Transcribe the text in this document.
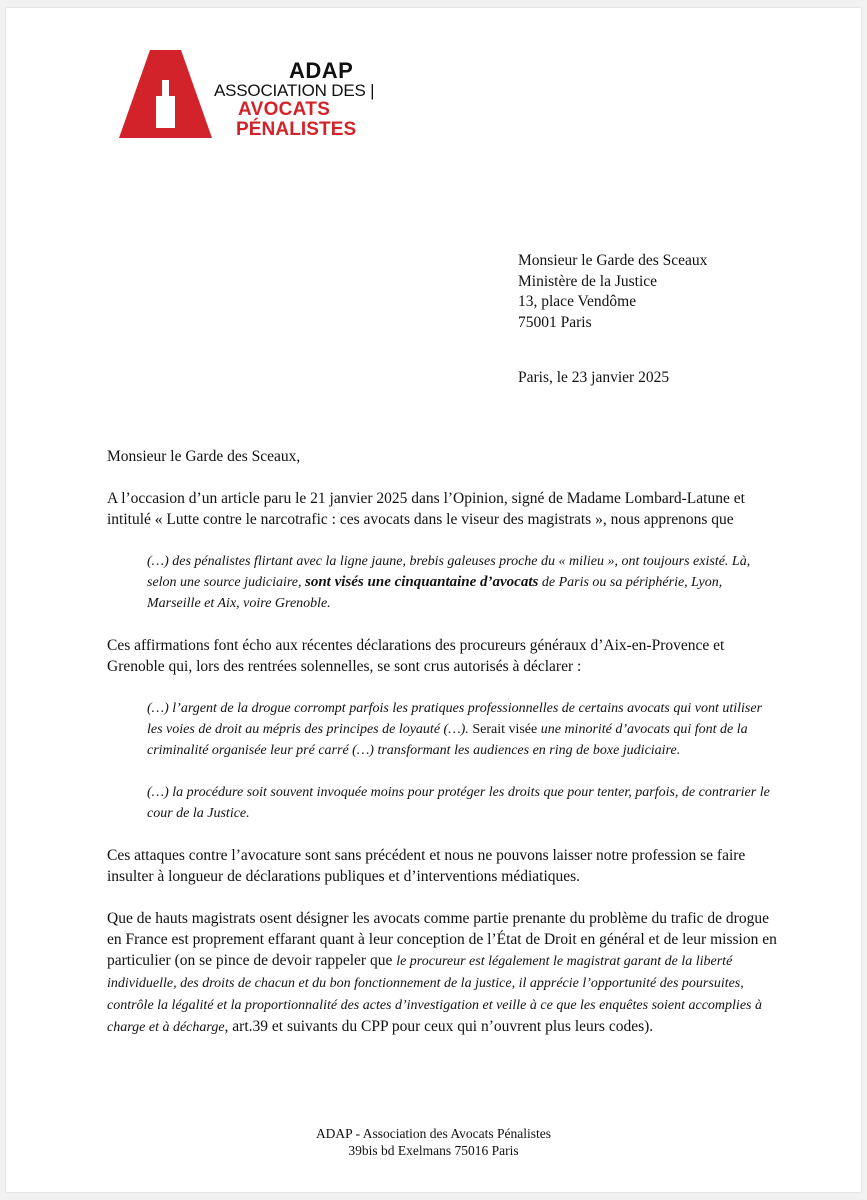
ADAP
ASSOCIATION DES |
AVOCATS
PÉNALISTES
Monsieur le Garde des Sceaux
Ministère de la Justice
13, place Vendôme
75001 Paris
Paris, le 23 janvier 2025
Monsieur le Garde des Sceaux,

A l’occasion d’un article paru le 21 janvier 2025 dans l’Opinion, signé de Madame Lombard-Latune et intitulé « Lutte contre le narcotrafic : ces avocats dans le viseur des magistrats », nous apprenons que

(…) des pénalistes flirtant avec la ligne jaune, brebis galeuses proche du « milieu », ont toujours existé. Là, selon une source judiciaire, sont visés une cinquantaine d’avocats de Paris ou sa périphérie, Lyon, Marseille et Aix, voire Grenoble.

Ces affirmations font écho aux récentes déclarations des procureurs généraux d’Aix-en-Provence et Grenoble qui, lors des rentrées solennelles, se sont crus autorisés à déclarer :

(…) l’argent de la drogue corrompt parfois les pratiques professionnelles de certains avocats qui vont utiliser les voies de droit au mépris des principes de loyauté (…). Serait visée une minorité d’avocats qui font de la criminalité organisée leur pré carré (…) transformant les audiences en ring de boxe judiciaire.
(…) la procédure soit souvent invoquée moins pour protéger les droits que pour tenter, parfois, de contrarier le cour de la Justice.

Ces attaques contre l’avocature sont sans précédent et nous ne pouvons laisser notre profession se faire insulter à longueur de déclarations publiques et d’interventions médiatiques.

Que de hauts magistrats osent désigner les avocats comme partie prenante du problème du trafic de drogue en France est proprement effarant quant à leur conception de l’État de Droit en général et de leur mission en particulier (on se pince de devoir rappeler que le procureur est légalement le magistrat garant de la liberté individuelle, des droits de chacun et du bon fonctionnement de la justice, il apprécie l’opportunité des poursuites, contrôle la légalité et la proportionnalité des actes d’investigation et veille à ce que les enquêtes soient accomplies à charge et à décharge, art.39 et suivants du CPP pour ceux qui n’ouvrent plus leurs codes).

ADAP - Association des Avocats Pénalistes
39bis bd Exelmans 75016 Paris
